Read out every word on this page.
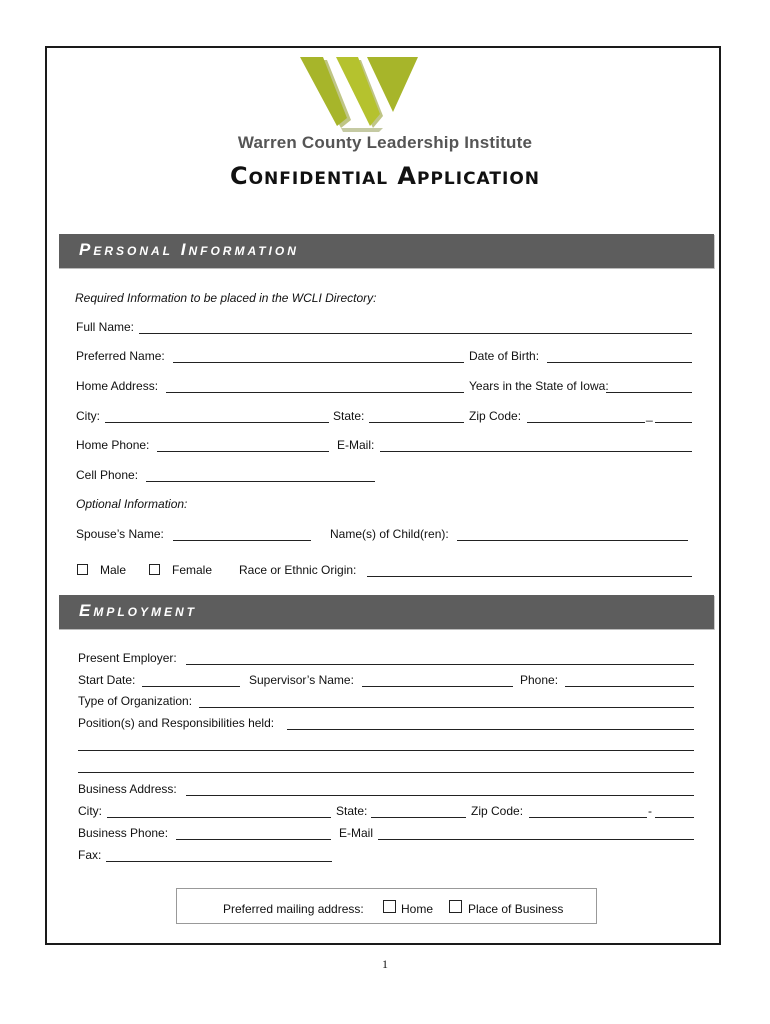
Warren County Leadership Institute
Confidential Application
Personal Information
Required Information to be placed in the WCLI Directory:
Full Name:
Preferred Name:	Date of Birth:
Home Address:	Years in the State of Iowa:
City:	State:	Zip Code:	_
Home Phone:	E-Mail:
Cell Phone:
Optional Information:
Spouse’s Name:	Name(s) of Child(ren):
Male	Female Race or Ethnic Origin:
Employment
Present Employer:
Start Date:	Supervisor’s Name:	Phone:
Type of Organization:
Position(s) and Responsibilities held:
Business Address:
City:	State:	Zip Code:	-
Business Phone:	E-Mail
Fax:
Preferred mailing address:	Home	Place of Business
1
